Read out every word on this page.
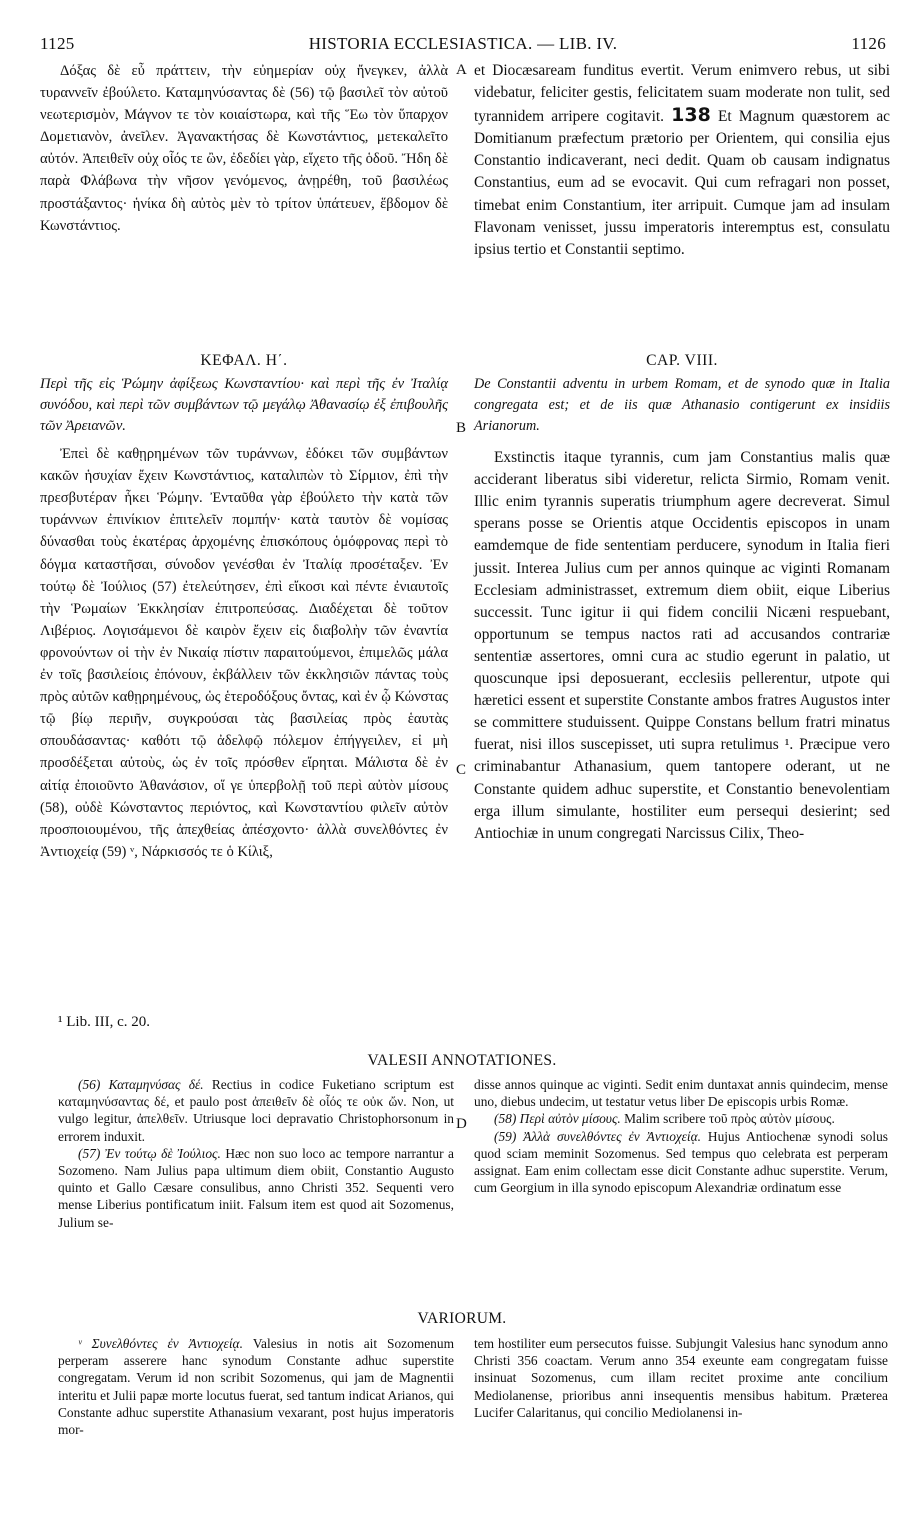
1125	HISTORIA ECCLESIASTICA. — LIB. IV.	1126

Δόξας δὲ εὖ πράττειν, τὴν εὐημερίαν οὐχ ἤνεγκεν, ἀλλὰ τυραννεῖν ἐβούλετο. Καταμηνύσαντας δὲ (56) τῷ βασιλεῖ τὸν αὐτοῦ νεωτερισμὸν, Μάγνον τε τὸν κοιαίστωρα, καὶ τῆς Ἕω τὸν ὕπαρχον Δομετιανὸν, ἀνεῖλεν. Ἀγανακτήσας δὲ Κωνστάντιος, μετεκαλεῖτο αὐτόν. Ἀπειθεῖν οὐχ οἷός τε ὢν, ἐδεδίει γὰρ, εἵχετο τῆς ὁδοῦ. Ἤδη δὲ παρὰ Φλάβωνα τὴν νῆσον γενόμενος, ἀνῃρέθη, τοῦ βασιλέως προστάξαντος· ἡνίκα δὴ αὐτὸς μὲν τὸ τρίτον ὑπάτευεν, ἕβδομον δὲ Κωνστάντιος.

et Diocæsaream funditus evertit. Verum enimvero rebus, ut sibi videbatur, feliciter gestis, felicitatem suam moderate non tulit, sed tyrannidem arripere cogitavit. 138 Et Magnum quæstorem ac Domitianum præfectum prætorio per Orientem, qui consilia ejus Constantio indicaverant, neci dedit. Quam ob causam indignatus Constantius, eum ad se evocavit. Qui cum refragari non posset, timebat enim Constantium, iter arripuit. Cumque jam ad insulam Flavonam venisset, jussu imperatoris interemptus est, consulatu ipsius tertio et Constantii septimo.

A

ΚΕΦΑΛ. Η΄.

Περὶ τῆς εἰς Ῥώμην ἀφίξεως Κωνσταντίου· καὶ περὶ τῆς ἐν Ἰταλίᾳ συνόδου, καὶ περὶ τῶν συμβάντων τῷ μεγάλῳ Ἀθανασίῳ ἐξ ἐπιβουλῆς τῶν Ἀρειανῶν.

Ἐπεὶ δὲ καθῃρημένων τῶν τυράννων, ἐδόκει τῶν συμβάντων κακῶν ἡσυχίαν ἔχειν Κωνστάντιος, καταλιπὼν τὸ Σίρμιον, ἐπὶ τὴν πρεσβυτέραν ἧκει Ῥώμην. Ἐνταῦθα γὰρ ἐβούλετο τὴν κατὰ τῶν τυράννων ἐπινίκιον ἐπιτελεῖν πομπήν· κατὰ ταυτὸν δὲ νομίσας δύνασθαι τοὺς ἑκατέρας ἀρχομένης ἐπισκόπους ὁμόφρονας περὶ τὸ δόγμα καταστῆσαι, σύνοδον γενέσθαι ἐν Ἰταλίᾳ προσέταξεν. Ἐν τούτῳ δὲ Ἰούλιος (57) ἐτελεύτησεν, ἐπὶ εἴκοσι καὶ πέντε ἐνιαυτοῖς τὴν Ῥωμαίων Ἐκκλησίαν ἐπιτροπεύσας. Διαδέχεται δὲ τοῦτον Λιβέριος. Λογισάμενοι δὲ καιρὸν ἔχειν εἰς διαβολὴν τῶν ἐναντία φρονούντων οἱ τὴν ἐν Νικαίᾳ πίστιν παραιτούμενοι, ἐπιμελῶς μάλα ἐν τοῖς βασιλείοις ἐπόνουν, ἐκβάλλειν τῶν ἐκκλησιῶν πάντας τοὺς πρὸς αὐτῶν καθῃρημένους, ὡς ἑτεροδόξους ὄντας, καὶ ἐν ᾧ Κώνστας τῷ βίῳ περιῆν, συγκρούσαι τὰς βασιλείας πρὸς ἑαυτὰς σπουδάσαντας· καθότι τῷ ἀδελφῷ πόλεμον ἐπήγγειλεν, εἰ μὴ προσδέξεται αὐτοὺς, ὡς ἐν τοῖς πρόσθεν εἴρηται. Μάλιστα δὲ ἐν αἰτίᾳ ἐποιοῦντο Ἀθανάσιον, οἵ γε ὑπερβολῇ τοῦ περὶ αὐτὸν μίσους (58), οὐδὲ Κώνσταντος περιόντος, καὶ Κωνσταντίου φιλεῖν αὐτὸν προσποιουμένου, τῆς ἀπεχθείας ἀπέσχοντο· ἀλλὰ συνελθόντες ἐν Ἀντιοχείᾳ (59) ᵛ, Νάρκισσός τε ὁ Κίλιξ,

CAP. VIII.

De Constantii adventu in urbem Romam, et de synodo quæ in Italia congregata est; et de iis quæ Athanasio contigerunt ex insidiis Arianorum.

Exstinctis itaque tyrannis, cum jam Constantius malis quæ acciderant liberatus sibi videretur, relicta Sirmio, Romam venit. Illic enim tyrannis superatis triumphum agere decreverat. Simul sperans posse se Orientis atque Occidentis episcopos in unam eamdemque de fide sententiam perducere, synodum in Italia fieri jussit. Interea Julius cum per annos quinque ac viginti Romanam Ecclesiam administrasset, extremum diem obiit, eique Liberius successit. Tunc igitur ii qui fidem concilii Nicæni respuebant, opportunum se tempus nactos rati ad accusandos contrariæ sententiæ assertores, omni cura ac studio egerunt in palatio, ut quoscunque ipsi deposuerant, ecclesiis pellerentur, utpote qui hæretici essent et superstite Constante ambos fratres Augustos inter se committere studuissent. Quippe Constans bellum fratri minatus fuerat, nisi illos suscepisset, uti supra retulimus ¹. Præcipue vero criminabantur Athanasium, quem tantopere oderant, ut ne Constante quidem adhuc superstite, et Constantio benevolentiam erga illum simulante, hostiliter eum persequi desierint; sed Antiochiæ in unum congregati Narcissus Cilix, Theo-

B
C
¹ Lib. III, c. 20.
VALESII ANNOTATIONES.

(56) Καταμηνύσας δέ. Rectius in codice Fuketiano scriptum est καταμηνύσαντας δέ, et paulo post ἀπειθεῖν δὲ οἷός τε οὐκ ὤν. Non, ut vulgo legitur, ἀπελθεῖν. Utriusque loci depravatio Christophorsonum in errorem induxit.

(57) Ἐν τούτῳ δὲ Ἰούλιος. Hæc non suo loco ac tempore narrantur a Sozomeno. Nam Julius papa ultimum diem obiit, Constantio Augusto quinto et Gallo Cæsare consulibus, anno Christi 352. Sequenti vero mense Liberius pontificatum iniit. Falsum item est quod ait Sozomenus, Julium se-

disse annos quinque ac viginti. Sedit enim duntaxat annis quindecim, mense uno, diebus undecim, ut testatur vetus liber De episcopis urbis Romæ.

(58) Περὶ αὐτὸν μίσους. Malim scribere τοῦ πρὸς αὐτὸν μίσους.

(59) Ἀλλὰ συνελθόντες ἐν Ἀντιοχείᾳ. Hujus Antiochenæ synodi solus quod sciam meminit Sozomenus. Sed tempus quo celebrata est perperam assignat. Eam enim collectam esse dicit Constante adhuc superstite. Verum, cum Georgium in illa synodo episcopum Alexandriæ ordinatum esse

D
VARIORUM.

ᵛ Συνελθόντες ἐν Ἀντιοχείᾳ. Valesius in notis ait Sozomenum perperam asserere hanc synodum Constante adhuc superstite congregatam. Verum id non scribit Sozomenus, qui jam de Magnentii interitu et Julii papæ morte locutus fuerat, sed tantum indicat Arianos, qui Constante adhuc superstite Athanasium vexarant, post hujus imperatoris mor-

tem hostiliter eum persecutos fuisse. Subjungit Valesius hanc synodum anno Christi 356 coactam. Verum anno 354 exeunte eam congregatam fuisse insinuat Sozomenus, cum illam recitet proxime ante concilium Mediolanense, prioribus anni insequentis mensibus habitum. Præterea Lucifer Calaritanus, qui concilio Mediolanensi in-
